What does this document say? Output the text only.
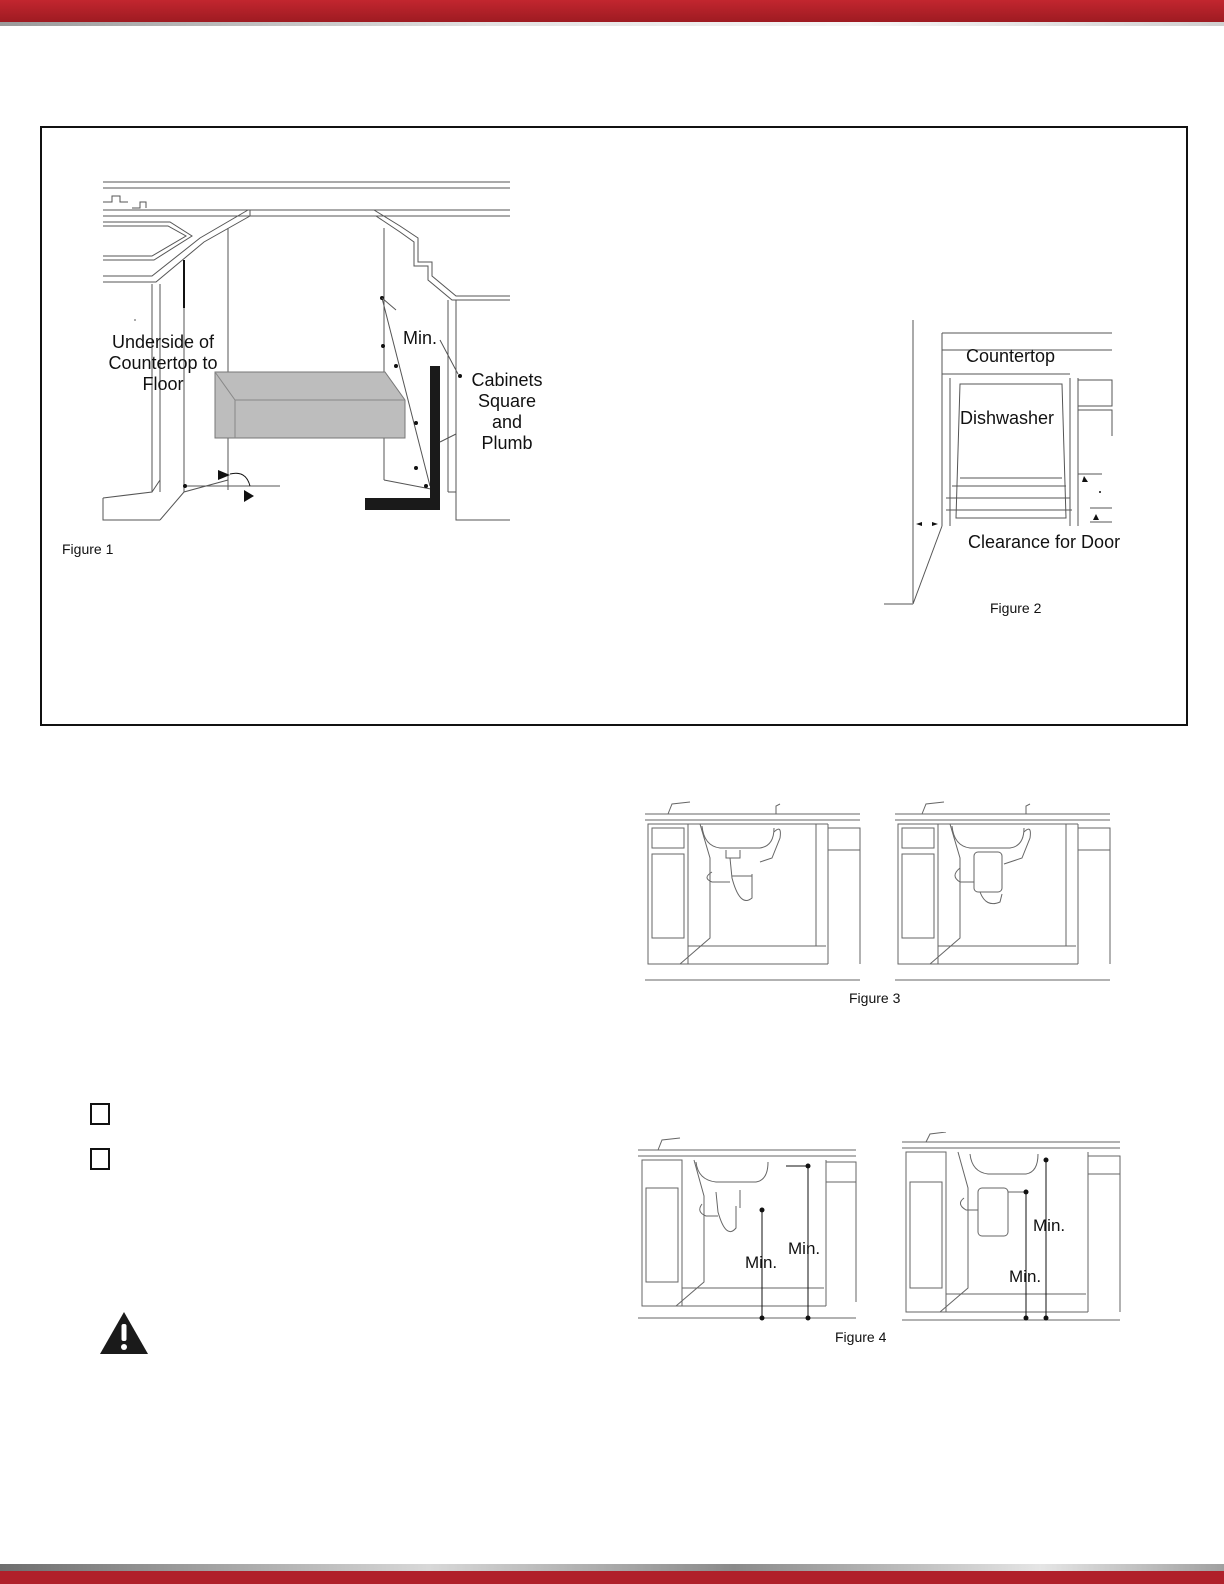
Underside of Countertop to Floor
Min.
Cabinets Square and Plumb
Figure 1
Countertop
Dishwasher
Clearance for Door
Figure 2
Figure 3
Min.
Min.
Min.
Min.
Figure 4
